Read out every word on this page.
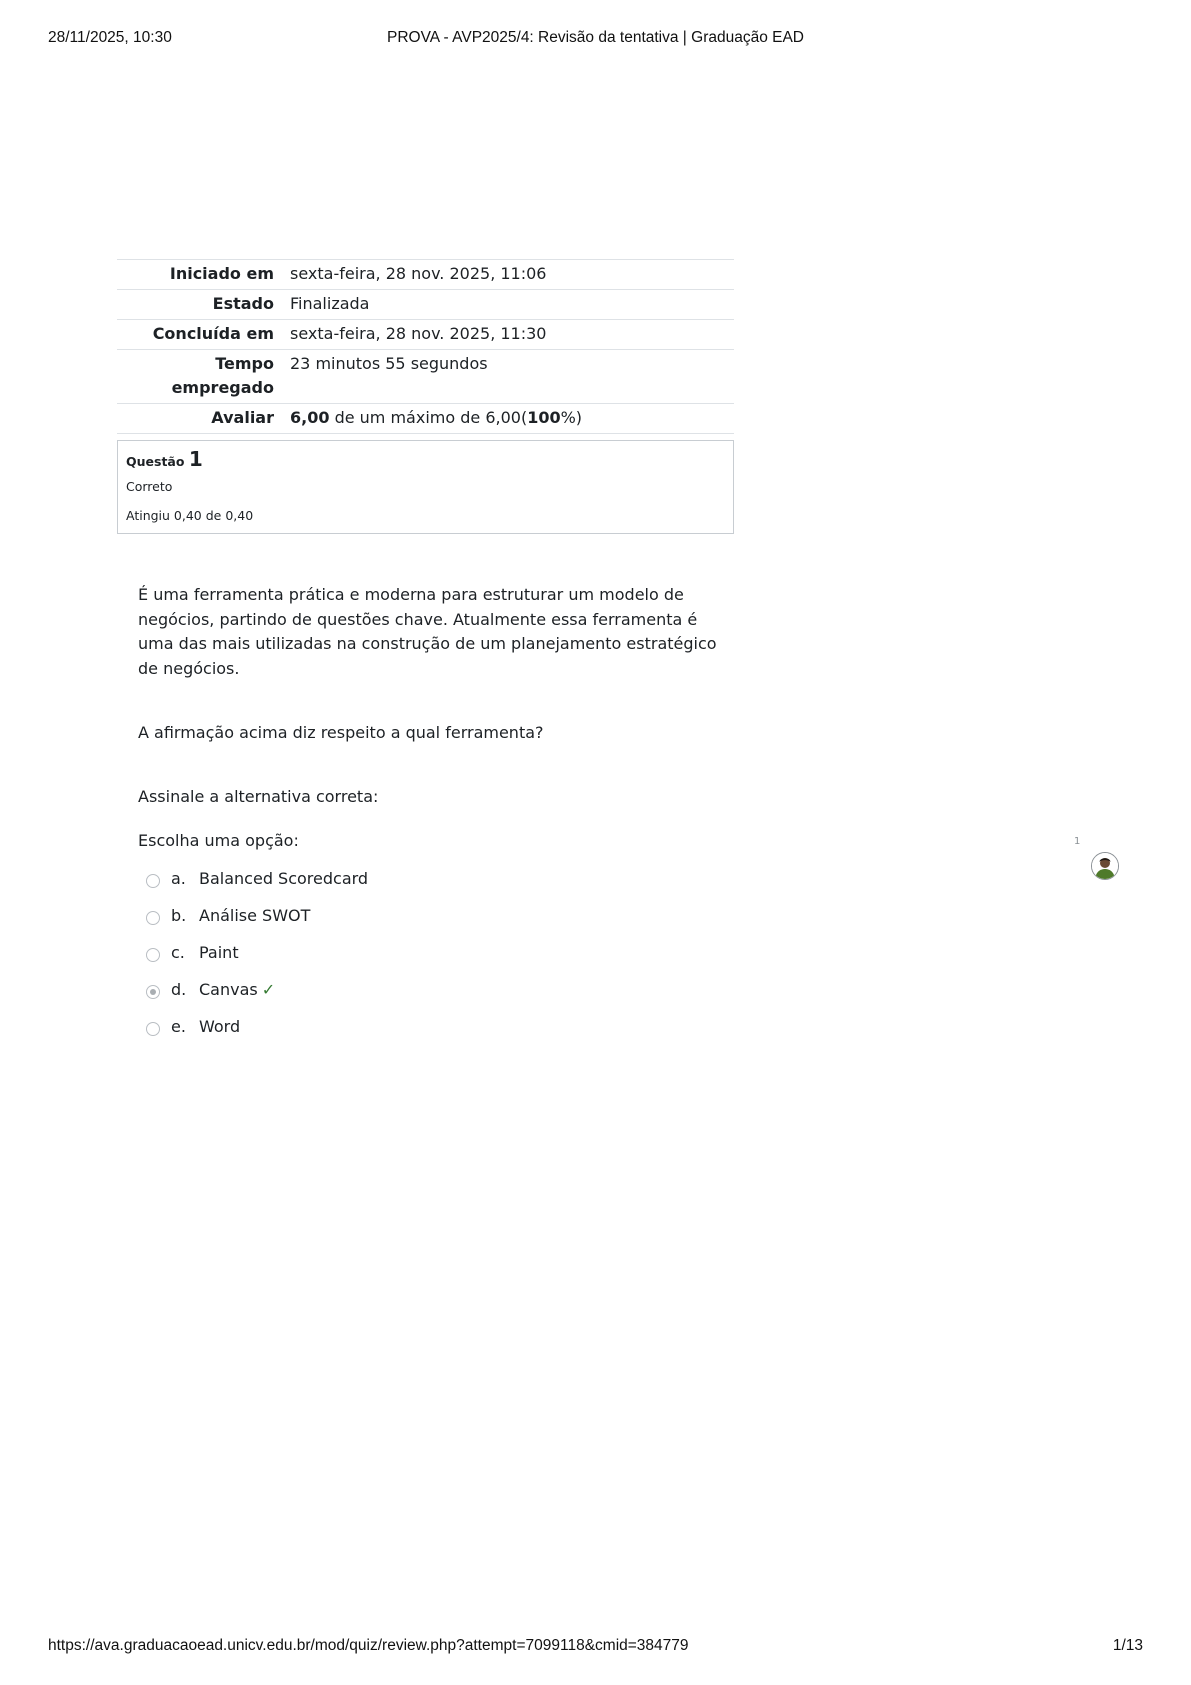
28/11/2025, 10:30	PROVA - AVP2025/4: Revisão da tentativa | Graduação EAD
Iniciado em	sexta-feira, 28 nov. 2025, 11:06
Estado	Finalizada
Concluída em	sexta-feira, 28 nov. 2025, 11:30
Tempo empregado	23 minutos 55 segundos
Avaliar	6,00 de um máximo de 6,00(100%)
Questão 1
Correto
Atingiu 0,40 de 0,40
É uma ferramenta prática e moderna para estruturar um modelo de negócios, partindo de questões chave. Atualmente essa ferramenta é uma das mais utilizadas na construção de um planejamento estratégico de negócios.
A afirmação acima diz respeito a qual ferramenta?
Assinale a alternativa correta:
Escolha uma opção:
a. Balanced Scoredcard
b. Análise SWOT
c. Paint
d. Canvas ✓
e. Word
1
https://ava.graduacaoead.unicv.edu.br/mod/quiz/review.php?attempt=7099118&cmid=384779	1/13
